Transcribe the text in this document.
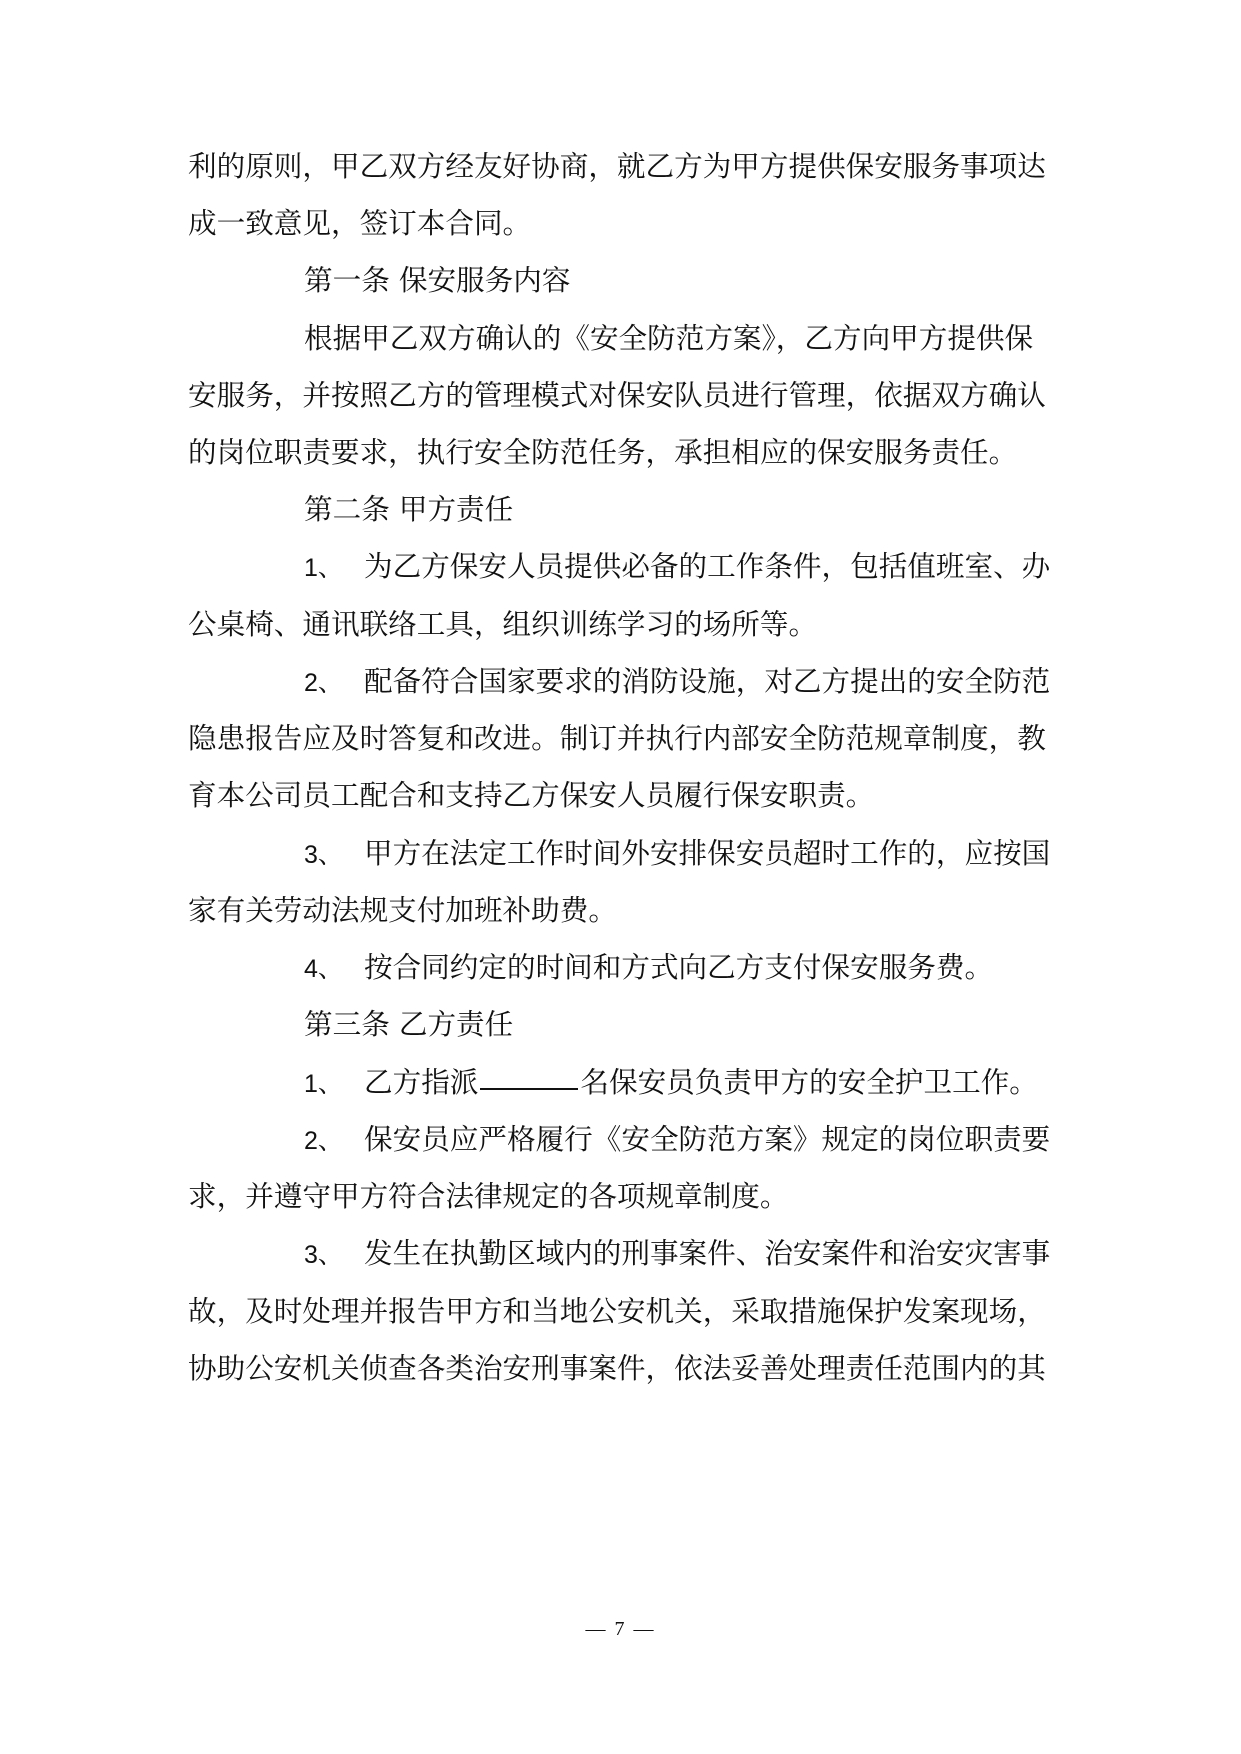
利的原则，甲乙双方经友好协商，就乙方为甲方提供保安服务事项达
成一致意见，签订本合同。
第一条 保安服务内容
根据甲乙双方确认的《安全防范方案》，乙方向甲方提供保
安服务，并按照乙方的管理模式对保安队员进行管理，依据双方确认
的岗位职责要求，执行安全防范任务，承担相应的保安服务责任。
第二条 甲方责任
1、 为乙方保安人员提供必备的工作条件，包括值班室、办
公桌椅、通讯联络工具，组织训练学习的场所等。
2、 配备符合国家要求的消防设施，对乙方提出的安全防范
隐患报告应及时答复和改进。制订并执行内部安全防范规章制度，教
育本公司员工配合和支持乙方保安人员履行保安职责。
3、 甲方在法定工作时间外安排保安员超时工作的，应按国
家有关劳动法规支付加班补助费。
4、 按合同约定的时间和方式向乙方支付保安服务费。
第三条 乙方责任
1、 乙方指派	名保安员负责甲方的安全护卫工作。
2、 保安员应严格履行《安全防范方案》规定的岗位职责要
求，并遵守甲方符合法律规定的各项规章制度。
3、 发生在执勤区域内的刑事案件、治安案件和治安灾害事
故，及时处理并报告甲方和当地公安机关，采取措施保护发案现场，
协助公安机关侦查各类治安刑事案件，依法妥善处理责任范围内的其
— 7 —
